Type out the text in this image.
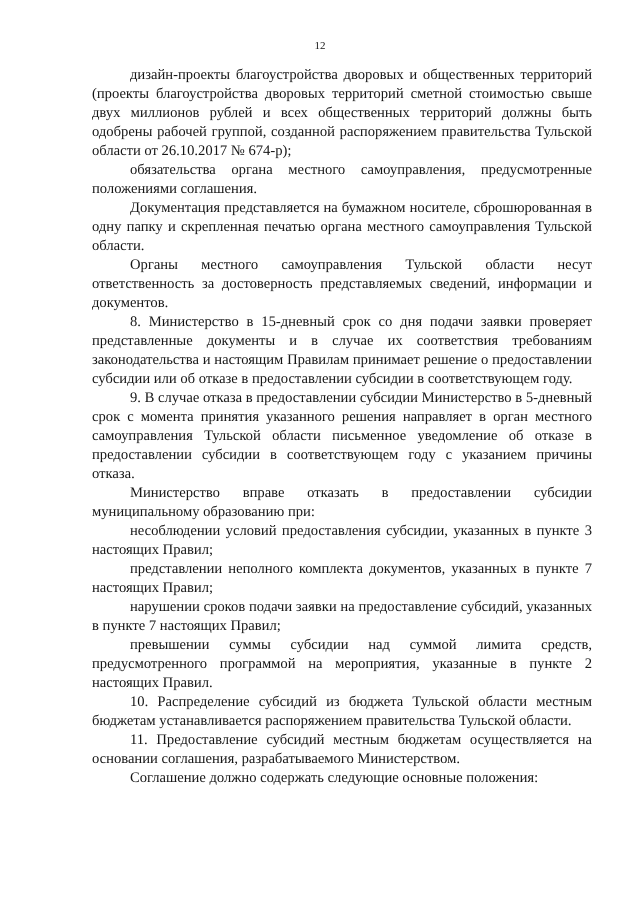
12

дизайн-проекты благоустройства дворовых и общественных территорий (проекты благоустройства дворовых территорий сметной стоимостью свыше двух миллионов рублей и всех общественных территорий должны быть одобрены рабочей группой, созданной распоряжением правительства Тульской области от 26.10.2017 № 674-р);

обязательства органа местного самоуправления, предусмотренные положениями соглашения.

Документация представляется на бумажном носителе, сброшюрованная в одну папку и скрепленная печатью органа местного самоуправления Тульской области.

Органы местного самоуправления Тульской области несут ответственность за достоверность представляемых сведений, информации и документов.

8. Министерство в 15-дневный срок со дня подачи заявки проверяет представленные документы и в случае их соответствия требованиям законодательства и настоящим Правилам принимает решение о предоставлении субсидии или об отказе в предоставлении субсидии в соответствующем году.

9. В случае отказа в предоставлении субсидии Министерство в 5-дневный срок с момента принятия указанного решения направляет в орган местного самоуправления Тульской области письменное уведомление об отказе в предоставлении субсидии в соответствующем году с указанием причины отказа.

Министерство вправе отказать в предоставлении субсидии муниципальному образованию при:

несоблюдении условий предоставления субсидии, указанных в пункте 3 настоящих Правил;

представлении неполного комплекта документов, указанных в пункте 7 настоящих Правил;

нарушении сроков подачи заявки на предоставление субсидий, указанных в пункте 7 настоящих Правил;

превышении суммы субсидии над суммой лимита средств, предусмотренного программой на мероприятия, указанные в пункте 2 настоящих Правил.

10. Распределение субсидий из бюджета Тульской области местным бюджетам устанавливается распоряжением правительства Тульской области.

11. Предоставление субсидий местным бюджетам осуществляется на основании соглашения, разрабатываемого Министерством.

Соглашение должно содержать следующие основные положения:
